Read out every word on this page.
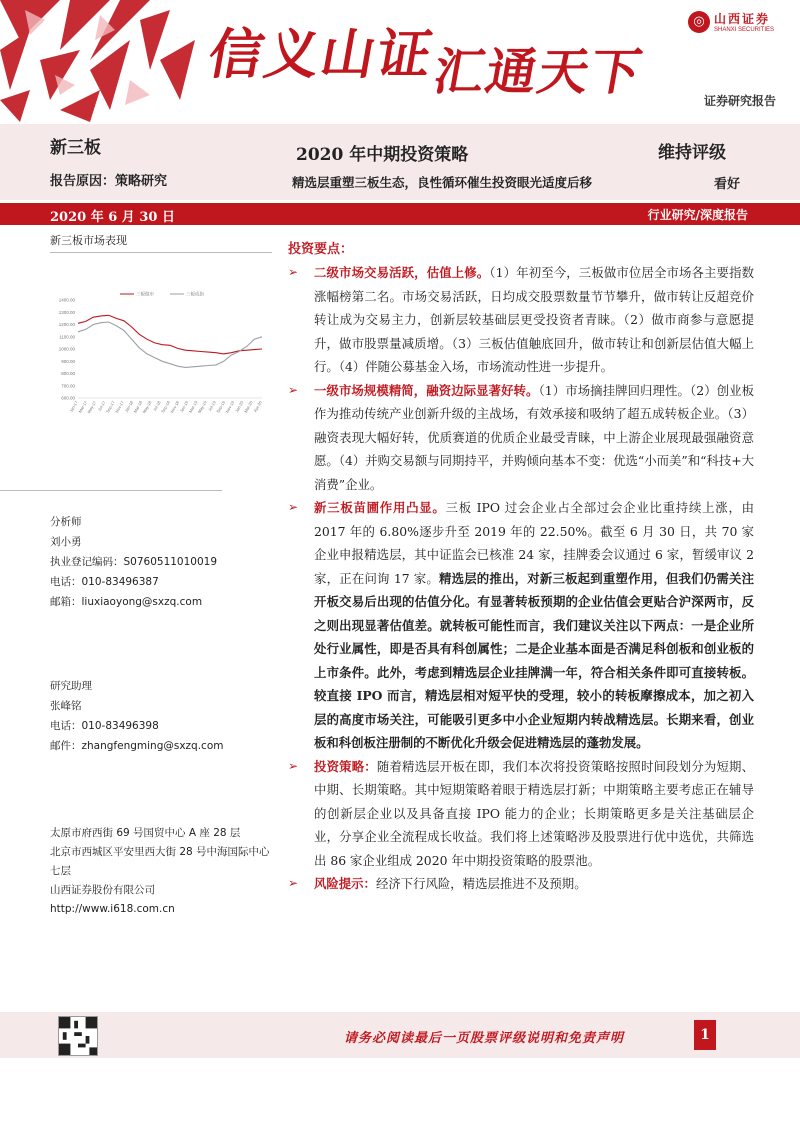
信义山证汇通天下
◎ 山西证券
SHANXI SECURITIES
证券研究报告
新三板
报告原因：策略研究
2020 年中期投资策略	维持评级
精选层重塑三板生态，良性循环催生投资眼光适度后移	看好
2020 年 6 月 30 日	行业研究/深度报告
新三板市场表现
1400.00
1300.00
1200.00
1100.00
1000.00
900.00
800.00
700.00
600.00
Jan-17
Mar-17
May-17 Jul-17
Sep-17
Nov-17
Jan-18
Mar-18
May-18 Jul-18
Sep-18
Nov-18
Jan-19
Mar-19
May-19 Jul-19
Sep-19
Nov-19
Jan-20
Mar-20
Apr-20
三板做市	三板成指
分析师
刘小勇
执业登记编码：S0760511010019
电话：010-83496387
邮箱：liuxiaoyong@sxzq.com
研究助理
张峰铭
电话：010-83496398
邮件：zhangfengming@sxzq.com
太原市府西街 69 号国贸中心 A 座 28 层
北京市西城区平安里西大街 28 号中海国际中心七层
山西证券股份有限公司
http://www.i618.com.cn
投资要点：
➢ 二级市场交易活跃，估值上修。（1）年初至今，三板做市位居全市场各主要指数涨幅榜第二名。市场交易活跃，日均成交股票数量节节攀升，做市转让反超竞价转让成为交易主力，创新层较基础层更受投资者青睐。（2）做市商参与意愿提升，做市股票量减质增。（3）三板估值触底回升，做市转让和创新层估值大幅上行。（4）伴随公募基金入场，市场流动性进一步提升。
➢ 一级市场规模精简，融资边际显著好转。（1）市场摘挂牌回归理性。（2）创业板作为推动传统产业创新升级的主战场，有效承接和吸纳了超五成转板企业。（3）融资表现大幅好转，优质赛道的优质企业最受青睐，中上游企业展现最强融资意愿。（4）并购交易额与同期持平，并购倾向基本不变：优选“小而美”和“科技+大消费”企业。
➢ 新三板苗圃作用凸显。三板 IPO 过会企业占全部过会企业比重持续上涨，由 2017 年的 6.80%逐步升至 2019 年的 22.50%。截至 6 月 30 日，共 70 家企业申报精选层，其中证监会已核准 24 家，挂牌委会议通过 6 家，暂缓审议 2 家，正在问询 17 家。精选层的推出，对新三板起到重塑作用，但我们仍需关注开板交易后出现的估值分化。有显著转板预期的企业估值会更贴合沪深两市，反之则出现显著估值差。就转板可能性而言，我们建议关注以下两点：一是企业所处行业属性，即是否具有科创属性；二是企业基本面是否满足科创板和创业板的上市条件。此外，考虑到精选层企业挂牌满一年，符合相关条件即可直接转板。较直接 IPO 而言，精选层相对短平快的受理，较小的转板摩擦成本，加之初入层的高度市场关注，可能吸引更多中小企业短期内转战精选层。长期来看，创业板和科创板注册制的不断优化升级会促进精选层的蓬勃发展。
➢ 投资策略：随着精选层开板在即，我们本次将投资策略按照时间段划分为短期、中期、长期策略。其中短期策略着眼于精选层打新；中期策略主要考虑正在辅导的创新层企业以及具备直接 IPO 能力的企业；长期策略更多是关注基础层企业，分享企业全流程成长收益。我们将上述策略涉及股票进行优中选优，共筛选出 86 家企业组成 2020 年中期投资策略的股票池。
➢ 风险提示：经济下行风险，精选层推进不及预期。
请务必阅读最后一页股票评级说明和免责声明	1
